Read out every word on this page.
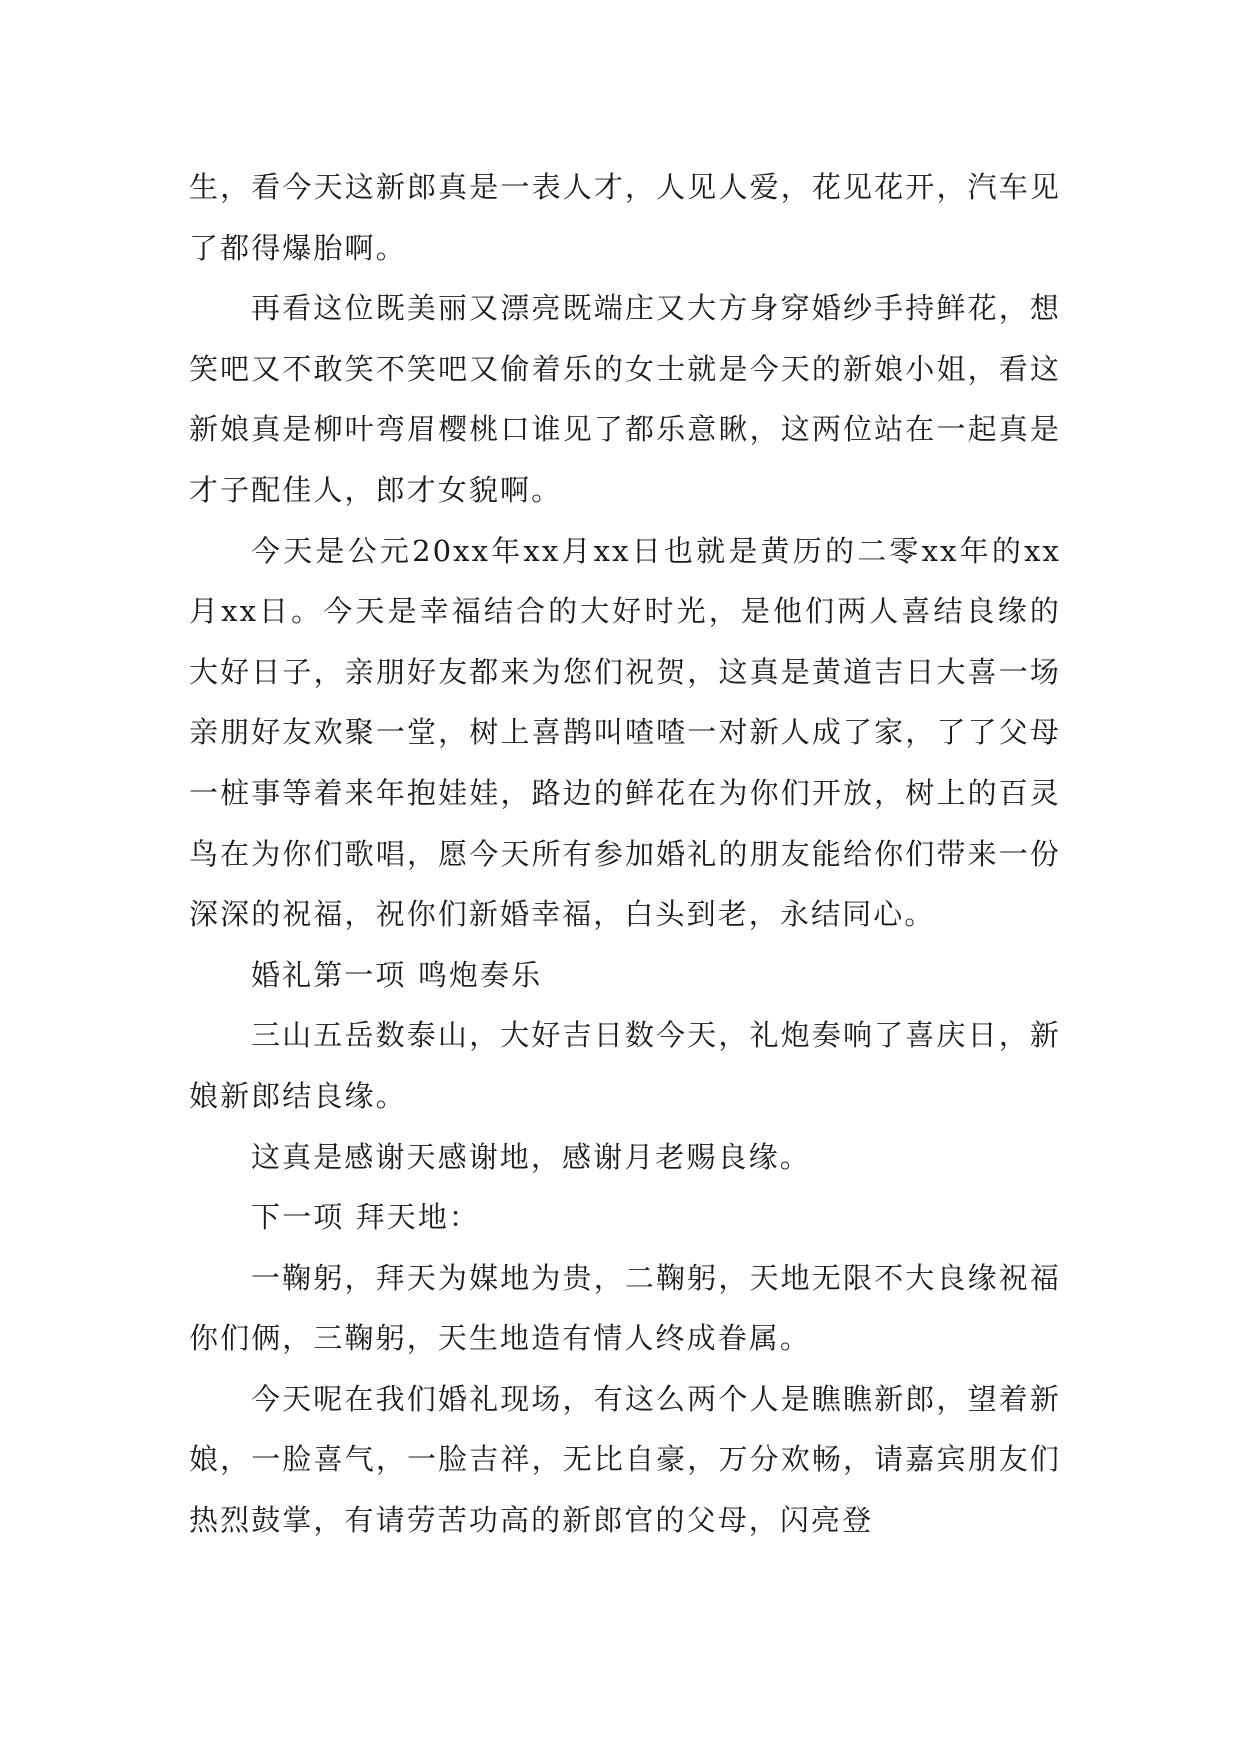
生，看今天这新郎真是一表人才，人见人爱，花见花开，汽车见了都得爆胎啊。

再看这位既美丽又漂亮既端庄又大方身穿婚纱手持鲜花，想笑吧又不敢笑不笑吧又偷着乐的女士就是今天的新娘小姐，看这新娘真是柳叶弯眉樱桃口谁见了都乐意瞅，这两位站在一起真是才子配佳人，郎才女貌啊。

今天是公元20xx年xx月xx日也就是黄历的二零xx年的xx月xx日。今天是幸福结合的大好时光，是他们两人喜结良缘的大好日子，亲朋好友都来为您们祝贺，这真是黄道吉日大喜一场亲朋好友欢聚一堂，树上喜鹊叫喳喳一对新人成了家，了了父母一桩事等着来年抱娃娃，路边的鲜花在为你们开放，树上的百灵鸟在为你们歌唱，愿今天所有参加婚礼的朋友能给你们带来一份深深的祝福，祝你们新婚幸福，白头到老，永结同心。

婚礼第一项 鸣炮奏乐

三山五岳数泰山，大好吉日数今天，礼炮奏响了喜庆日，新娘新郎结良缘。

这真是感谢天感谢地，感谢月老赐良缘。

下一项 拜天地：

一鞠躬，拜天为媒地为贵，二鞠躬，天地无限不大良缘祝福你们俩，三鞠躬，天生地造有情人终成眷属。

今天呢在我们婚礼现场，有这么两个人是瞧瞧新郎，望着新娘，一脸喜气，一脸吉祥，无比自豪，万分欢畅，请嘉宾朋友们热烈鼓掌，有请劳苦功高的新郎官的父母，闪亮登
